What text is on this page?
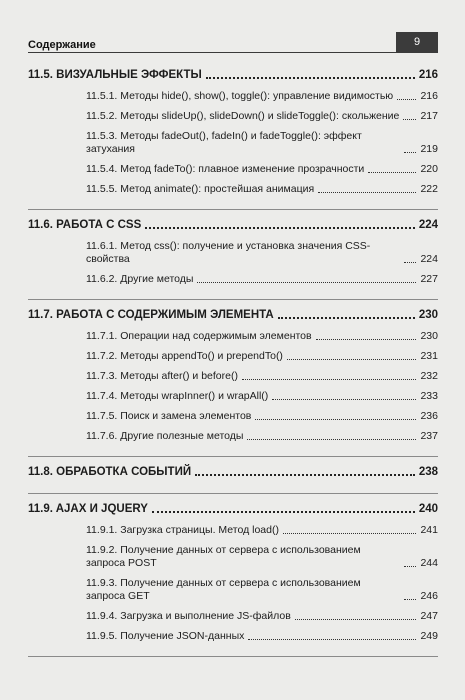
Содержание	9
11.5. ВИЗУАЛЬНЫЕ ЭФФЕКТЫ	216
11.5.1. Методы hide(), show(), toggle(): управление видимостью	216
11.5.2. Методы slideUp(), slideDown() и slideToggle(): скольжение 217
11.5.3. Методы fadeOut(), fadeIn() и fadeToggle(): эффект затухания	219
11.5.4. Метод fadeTo(): плавное изменение прозрачности	220
11.5.5. Метод animate(): простейшая анимация	222
11.6. РАБОТА С CSS	224
11.6.1. Метод css(): получение и установка значения CSS-свойства	224
11.6.2. Другие методы	227
11.7. РАБОТА С СОДЕРЖИМЫМ ЭЛЕМЕНТА	230
11.7.1. Операции над содержимым элементов	230
11.7.2. Методы appendTo() и prependTo()	231
11.7.3. Методы after() и before()	232
11.7.4. Методы wrapInner() и wrapAll()	233
11.7.5. Поиск и замена элементов	236
11.7.6. Другие полезные методы	237
11.8. ОБРАБОТКА СОБЫТИЙ	238
11.9. AJAX И JQUERY	240
11.9.1. Загрузка страницы. Метод load()	241
11.9.2. Получение данных от сервера с использованием запроса POST	244
11.9.3. Получение данных от сервера с использованием запроса GET	246
11.9.4. Загрузка и выполнение JS-файлов	247
11.9.5. Получение JSON-данных	249
